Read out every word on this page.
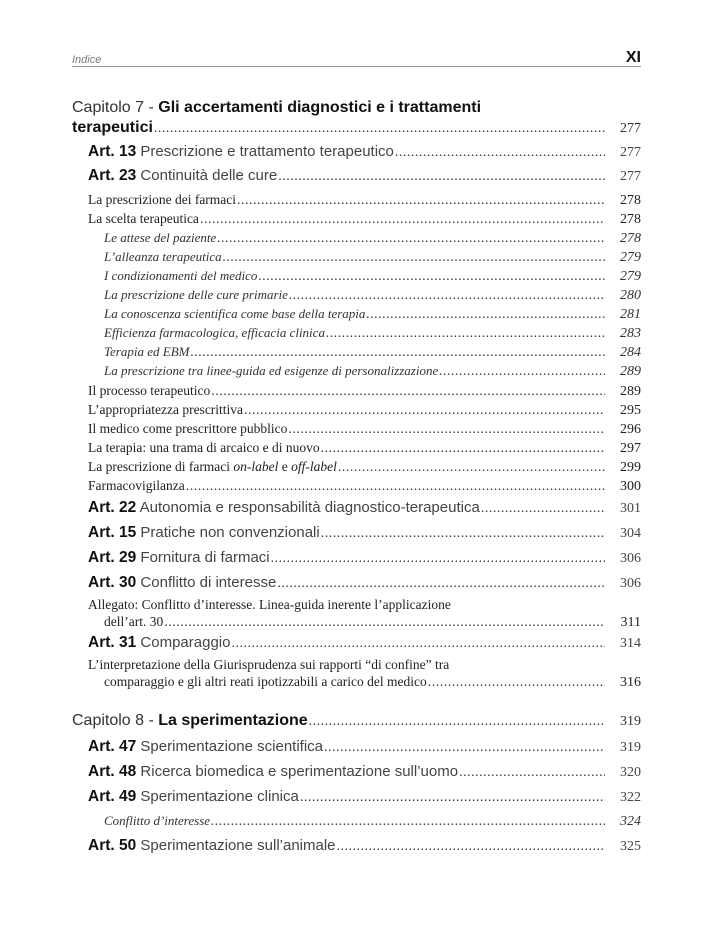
Indice	XI
Capitolo 7 - Gli accertamenti diagnostici e i trattamenti
terapeutici .....	277
Art. 13 Prescrizione e trattamento terapeutico .....	277
Art. 23 Continuità delle cure .....	277
La prescrizione dei farmaci .....	278
La scelta terapeutica .....	278
Le attese del paziente .....	278
L’alleanza terapeutica .....	279
I condizionamenti del medico .....	279
La prescrizione delle cure primarie .....	280
La conoscenza scientifica come base della terapia .....	281
Efficienza farmacologica, efficacia clinica .....	283
Terapia ed EBM .....	284
La prescrizione tra linee-guida ed esigenze di personalizzazione .....	289
Il processo terapeutico .....	289
L’appropriatezza prescrittiva .....	295
Il medico come prescrittore pubblico .....	296
La terapia: una trama di arcaico e di nuovo .....	297
La prescrizione di farmaci on-label e off-label .....	299
Farmacovigilanza .....	300
Art. 22 Autonomia e responsabilità diagnostico-terapeutica .....	301
Art. 15 Pratiche non convenzionali .....	304
Art. 29 Fornitura di farmaci .....	306
Art. 30 Conflitto di interesse .....	306
Allegato: Conflitto d’interesse. Linea-guida inerente l’applicazione
dell’art. 30 .....	311
Art. 31 Comparaggio .....	314
L’interpretazione della Giurisprudenza sui rapporti “di confine” tra
comparaggio e gli altri reati ipotizzabili a carico del medico .....	316
Capitolo 8 - La sperimentazione .....	319
Art. 47 Sperimentazione scientifica .....	319
Art. 48 Ricerca biomedica e sperimentazione sull’uomo .....	320
Art. 49 Sperimentazione clinica .....	322
Conflitto d’interesse .....	324
Art. 50 Sperimentazione sull’animale .....	325
